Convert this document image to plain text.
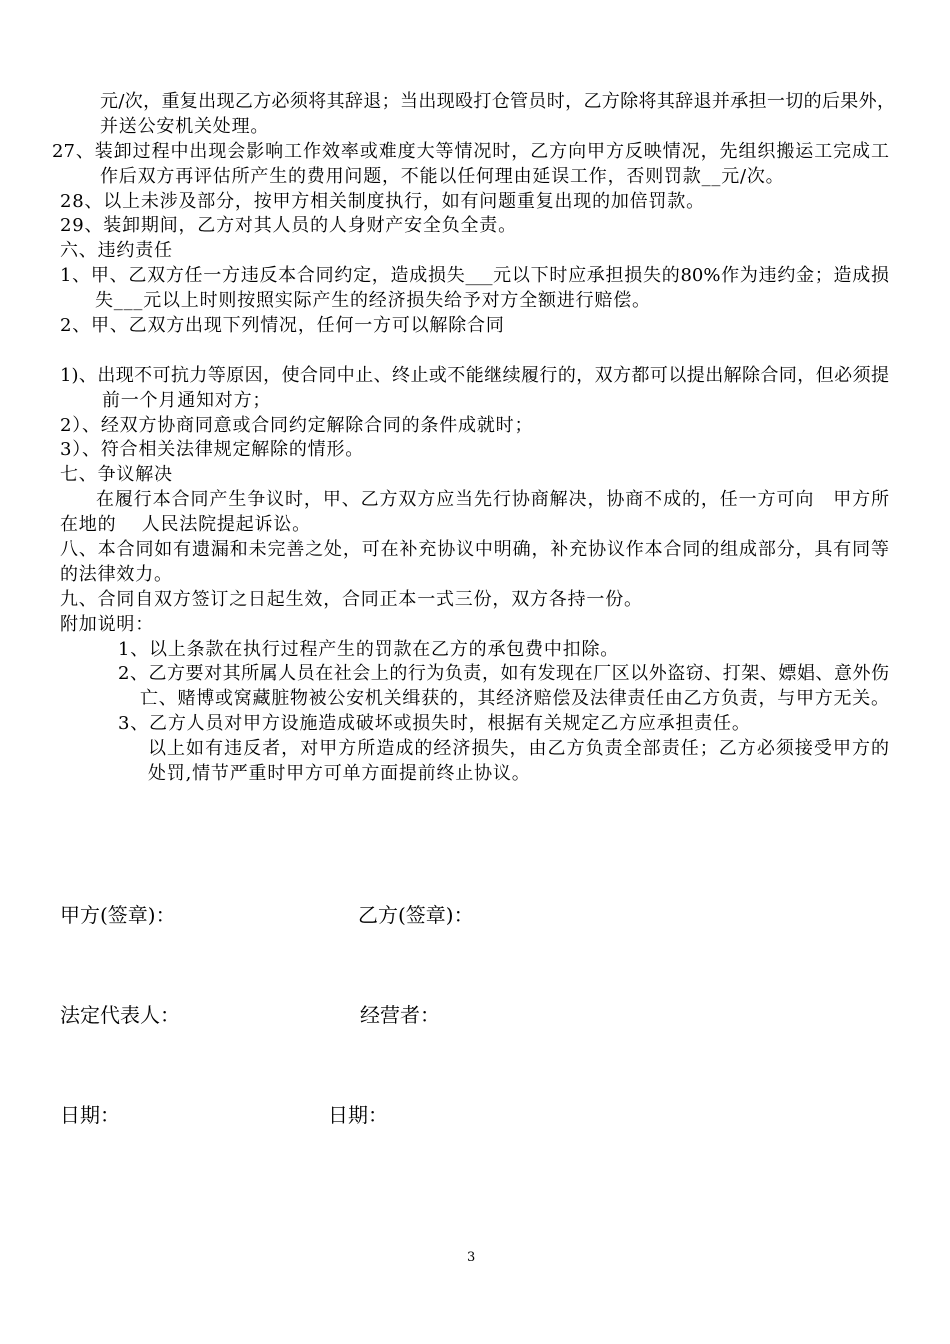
元/次，重复出现乙方必须将其辞退；当出现殴打仓管员时，乙方除将其辞退并承担一切的后果外，
并送公安机关处理。
27、装卸过程中出现会影响工作效率或难度大等情况时，乙方向甲方反映情况，先组织搬运工完成工
作后双方再评估所产生的费用问题，不能以任何理由延误工作，否则罚款__元/次。
28、以上未涉及部分，按甲方相关制度执行，如有问题重复出现的加倍罚款。
29、装卸期间，乙方对其人员的人身财产安全负全责。
六、违约责任
1、甲、乙双方任一方违反本合同约定，造成损失___元以下时应承担损失的80%作为违约金；造成损
失___元以上时则按照实际产生的经济损失给予对方全额进行赔偿。
2、甲、乙双方出现下列情况，任何一方可以解除合同
1)、出现不可抗力等原因，使合同中止、终止或不能继续履行的，双方都可以提出解除合同，但必须提
前一个月通知对方；
2）、经双方协商同意或合同约定解除合同的条件成就时；
3）、符合相关法律规定解除的情形。
七、争议解决
在履行本合同产生争议时，甲、乙方双方应当先行协商解决，协商不成的，任一方可向　甲方所
在地的　 人民法院提起诉讼。
八、本合同如有遗漏和未完善之处，可在补充协议中明确，补充协议作本合同的组成部分，具有同等
的法律效力。
九、合同自双方签订之日起生效，合同正本一式三份，双方各持一份。
附加说明：
1、以上条款在执行过程产生的罚款在乙方的承包费中扣除。
2、乙方要对其所属人员在社会上的行为负责，如有发现在厂区以外盗窃、打架、嫖娼、意外伤
亡、赌博或窝藏脏物被公安机关缉获的，其经济赔偿及法律责任由乙方负责，与甲方无关。
3、乙方人员对甲方设施造成破坏或损失时，根据有关规定乙方应承担责任。
以上如有违反者，对甲方所造成的经济损失，由乙方负责全部责任；乙方必须接受甲方的
处罚,情节严重时甲方可单方面提前终止协议。
甲方(签章)：	乙方(签章)：
法定代表人：	经营者：
日期：	日期：
3
